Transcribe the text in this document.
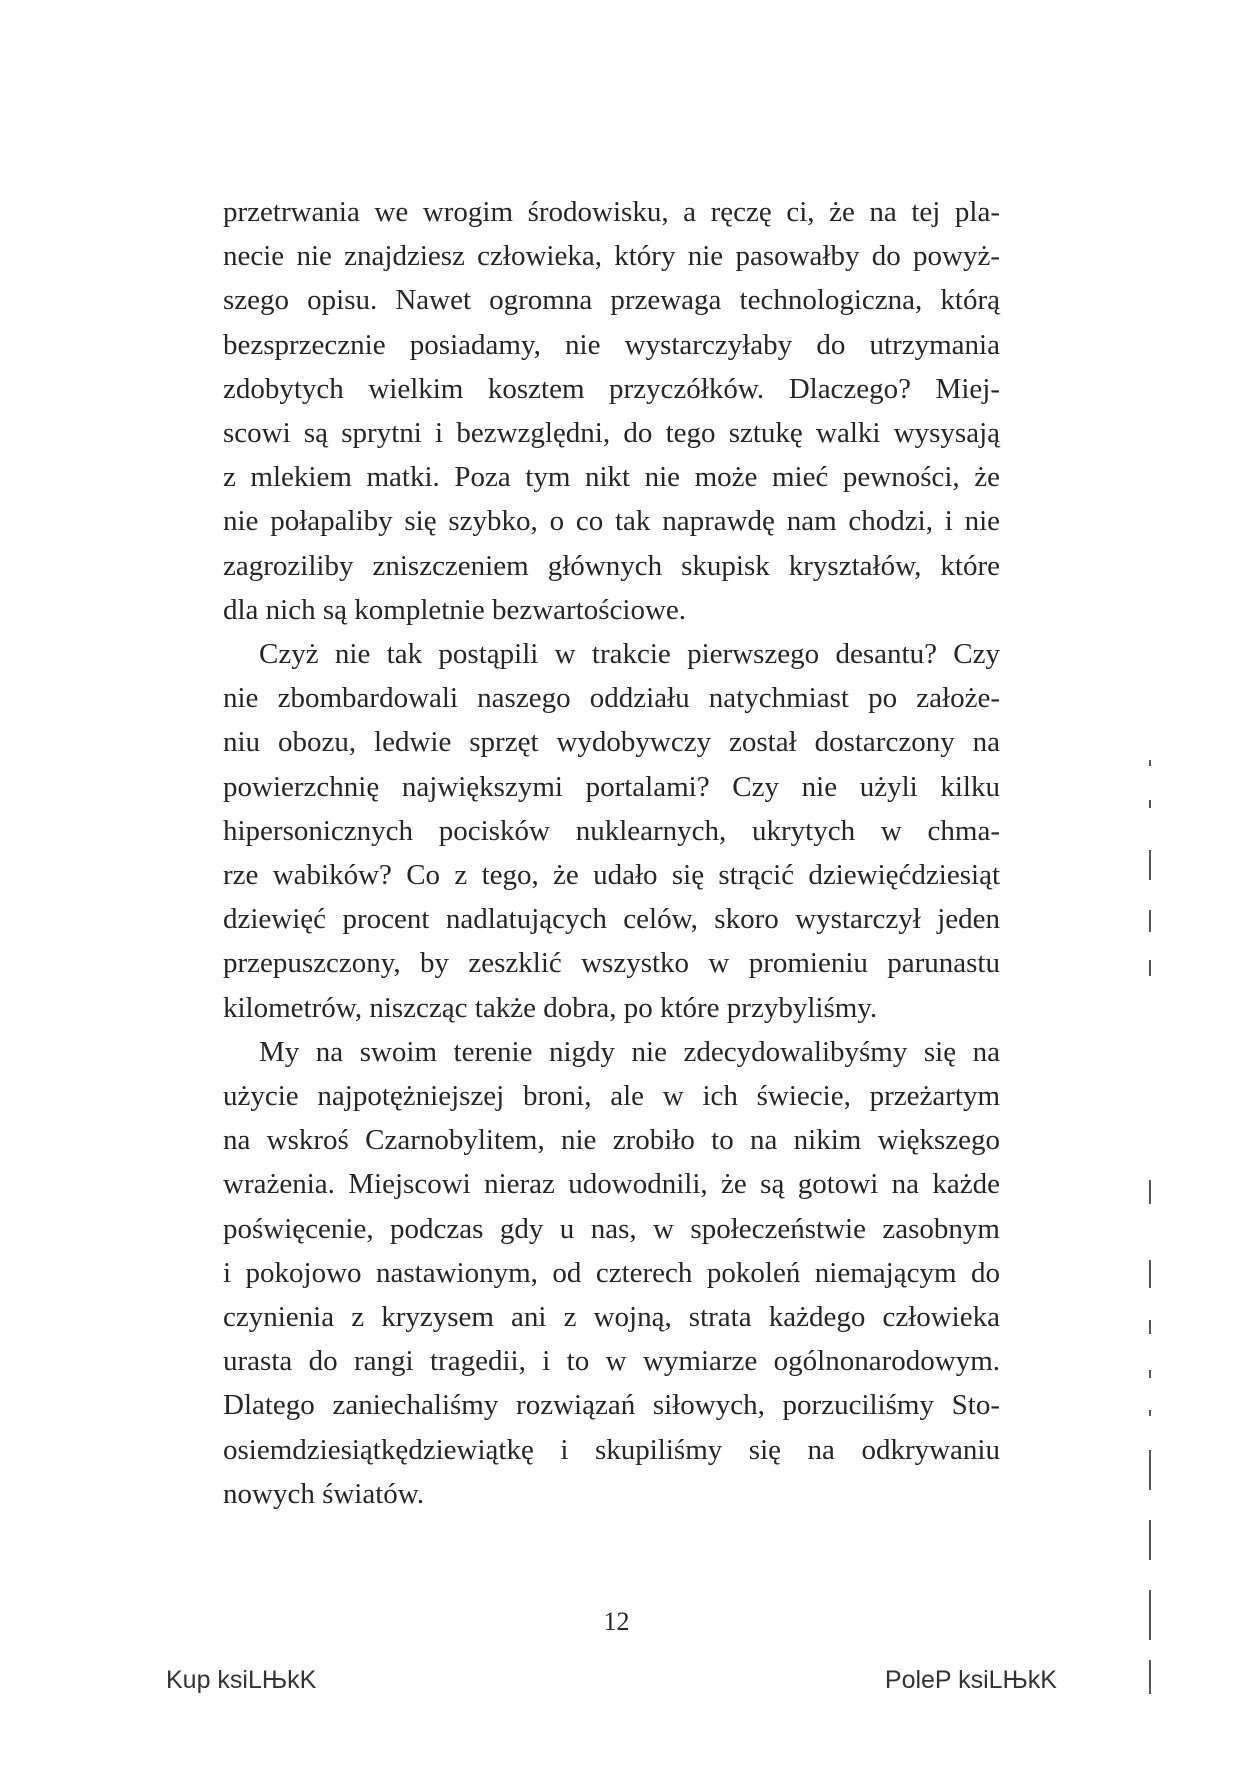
przetrwania we wrogim środowisku, a ręczę ci, że na tej pla-
necie nie znajdziesz człowieka, który nie pasowałby do powyż-
szego opisu. Nawet ogromna przewaga technologiczna, którą
bezsprzecznie posiadamy, nie wystarczyłaby do utrzymania
zdobytych wielkim kosztem przyczółków. Dlaczego? Miej-
scowi są sprytni i bezwzględni, do tego sztukę walki wysysają
z mlekiem matki. Poza tym nikt nie może mieć pewności, że
nie połapaliby się szybko, o co tak naprawdę nam chodzi, i nie
zagroziliby zniszczeniem głównych skupisk kryształów, które
dla nich są kompletnie bezwartościowe.
Czyż nie tak postąpili w trakcie pierwszego desantu? Czy
nie zbombardowali naszego oddziału natychmiast po założe-
niu obozu, ledwie sprzęt wydobywczy został dostarczony na
powierzchnię największymi portalami? Czy nie użyli kilku
hipersonicznych pocisków nuklearnych, ukrytych w chma-
rze wabików? Co z tego, że udało się strącić dziewięćdziesiąt
dziewięć procent nadlatujących celów, skoro wystarczył jeden
przepuszczony, by zeszklić wszystko w promieniu parunastu
kilometrów, niszcząc także dobra, po które przybyliśmy.
My na swoim terenie nigdy nie zdecydowalibyśmy się na
użycie najpotężniejszej broni, ale w ich świecie, przeżartym
na wskroś Czarnobylitem, nie zrobiło to na nikim większego
wrażenia. Miejscowi nieraz udowodnili, że są gotowi na każde
poświęcenie, podczas gdy u nas, w społeczeństwie zasobnym
i pokojowo nastawionym, od czterech pokoleń niemającym do
czynienia z kryzysem ani z wojną, strata każdego człowieka
urasta do rangi tragedii, i to w wymiarze ogólnonarodowym.
Dlatego zaniechaliśmy rozwiązań siłowych, porzuciliśmy Sto-
osiemdziesiątkędziewiątkę i skupiliśmy się na odkrywaniu
nowych światów.
12
Kup ksiLЊkK	PoleP ksiLЊkK
